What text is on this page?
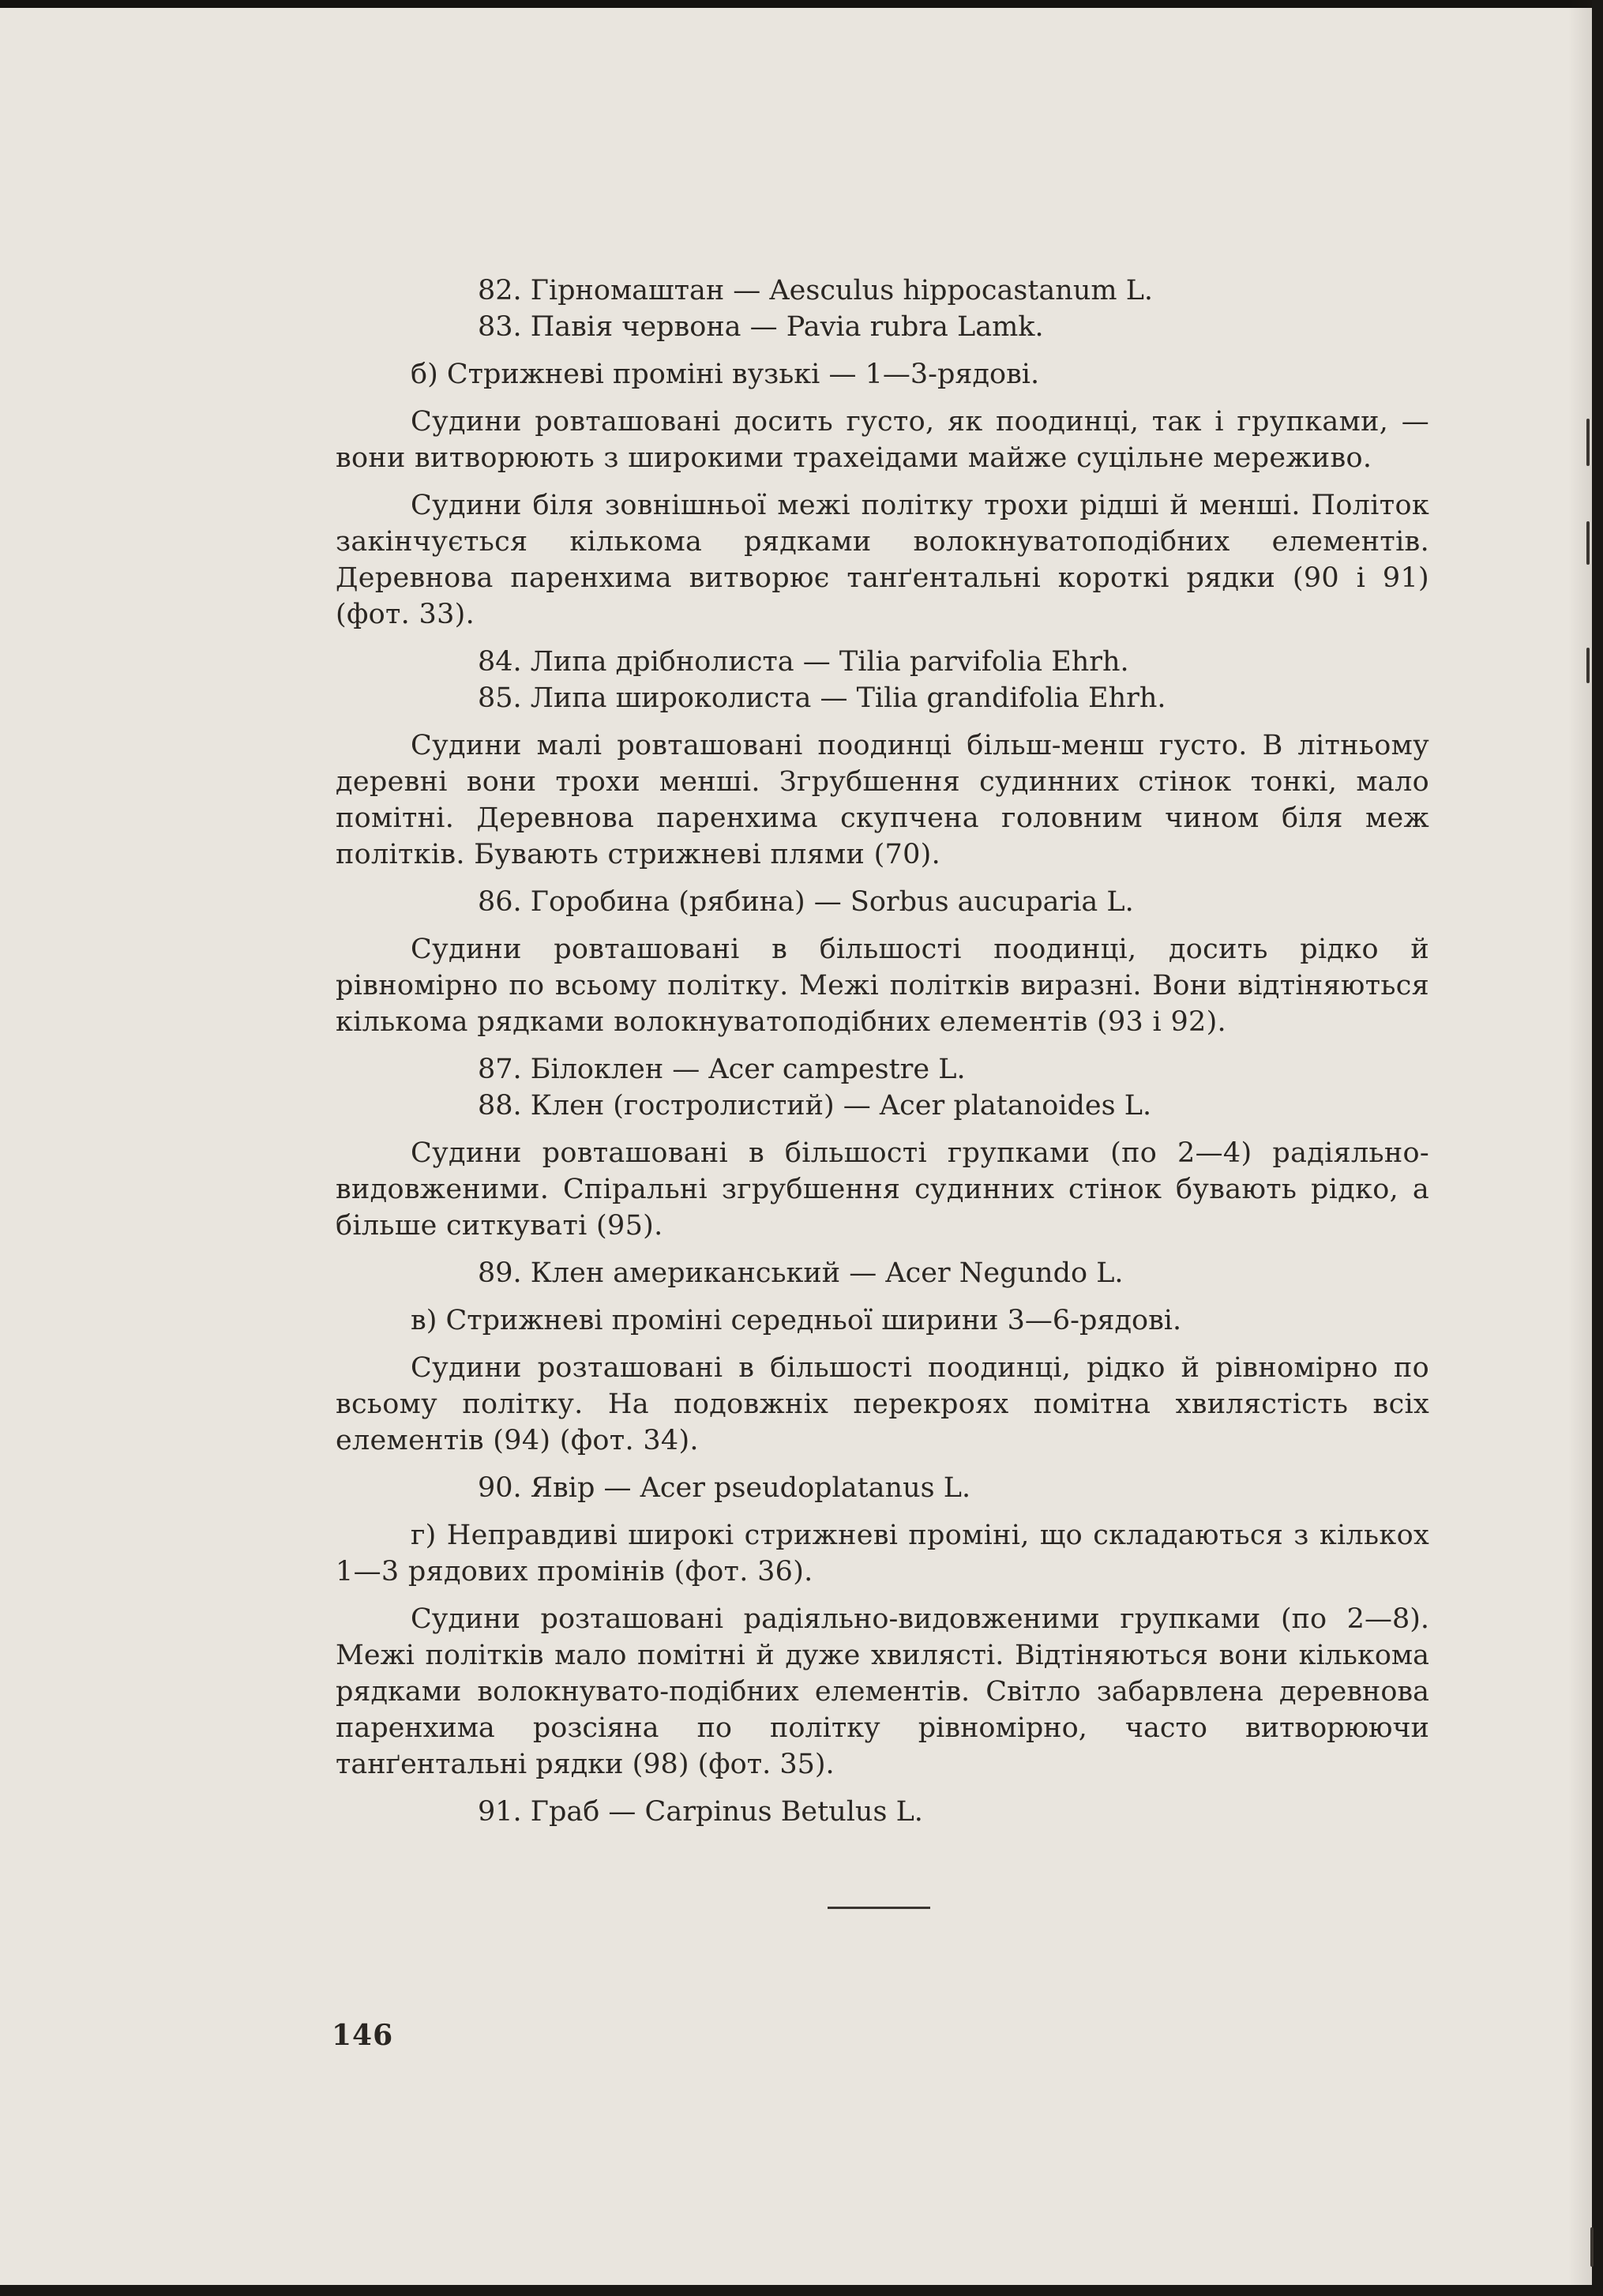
82. Гірномаштан — Aesculus hippocastanum L.

83. Павія червона — Pavia rubra Lamk.

б) Стрижневі проміні вузькі — 1—3-рядові.

Судини ровташовані досить густо, як поодинці, так і групками, — вони витворюють з широкими трахеідами майже суцільне мереживо.

Судини біля зовнішньої межі політку трохи рідші й менші. Політок закінчується кількома рядками волокнуватоподібних елементів. Деревнова паренхима витворює танґентальні короткі рядки (90 і 91) (фот. 33).

84. Липа дрібнолиста — Tilia parvifolia Ehrh.

85. Липа широколиста — Tilia grandifolia Ehrh.

Судини малі ровташовані поодинці більш-менш густо. В літньому деревні вони трохи менші. Згрубшення судинних стінок тонкі, мало помітні. Деревнова паренхима скупчена головним чином біля меж політків. Бувають стрижневі плями (70).

86. Горобина (рябина) — Sorbus aucuparia L.

Судини ровташовані в більшості поодинці, досить рідко й рівномірно по всьому політку. Межі політків виразні. Вони відтіняються кількома рядками волокнуватоподібних елементів (93 і 92).

87. Білоклен — Acer campestre L.

88. Клен (гостролистий) — Acer platanoides L.

Судини ровташовані в більшості групками (по 2—4) радіяльно-видовженими. Спіральні згрубшення судинних стінок бувають рідко, а більше ситкуваті (95).

89. Клен американський — Acer Negundo L.

в) Стрижневі проміні середньої ширини 3—6-рядові.

Судини розташовані в більшості поодинці, рідко й рівномірно по всьому політку. На подовжніх перекроях помітна хвилястість всіх елементів (94) (фот. 34).

90. Явір — Acer pseudoplatanus L.

г) Неправдиві широкі стрижневі проміні, що складаються з кількох 1—3 рядових промінів (фот. 36).

Судини розташовані радіяльно-видовженими групками (по 2—8). Межі політків мало помітні й дуже хвилясті. Відтіняються вони кількома рядками волокнувато-подібних елементів. Світло забарвлена деревнова паренхима розсіяна по політку рівномірно, часто витворюючи танґентальні рядки (98) (фот. 35).

91. Граб — Carpinus Betulus L.

146
